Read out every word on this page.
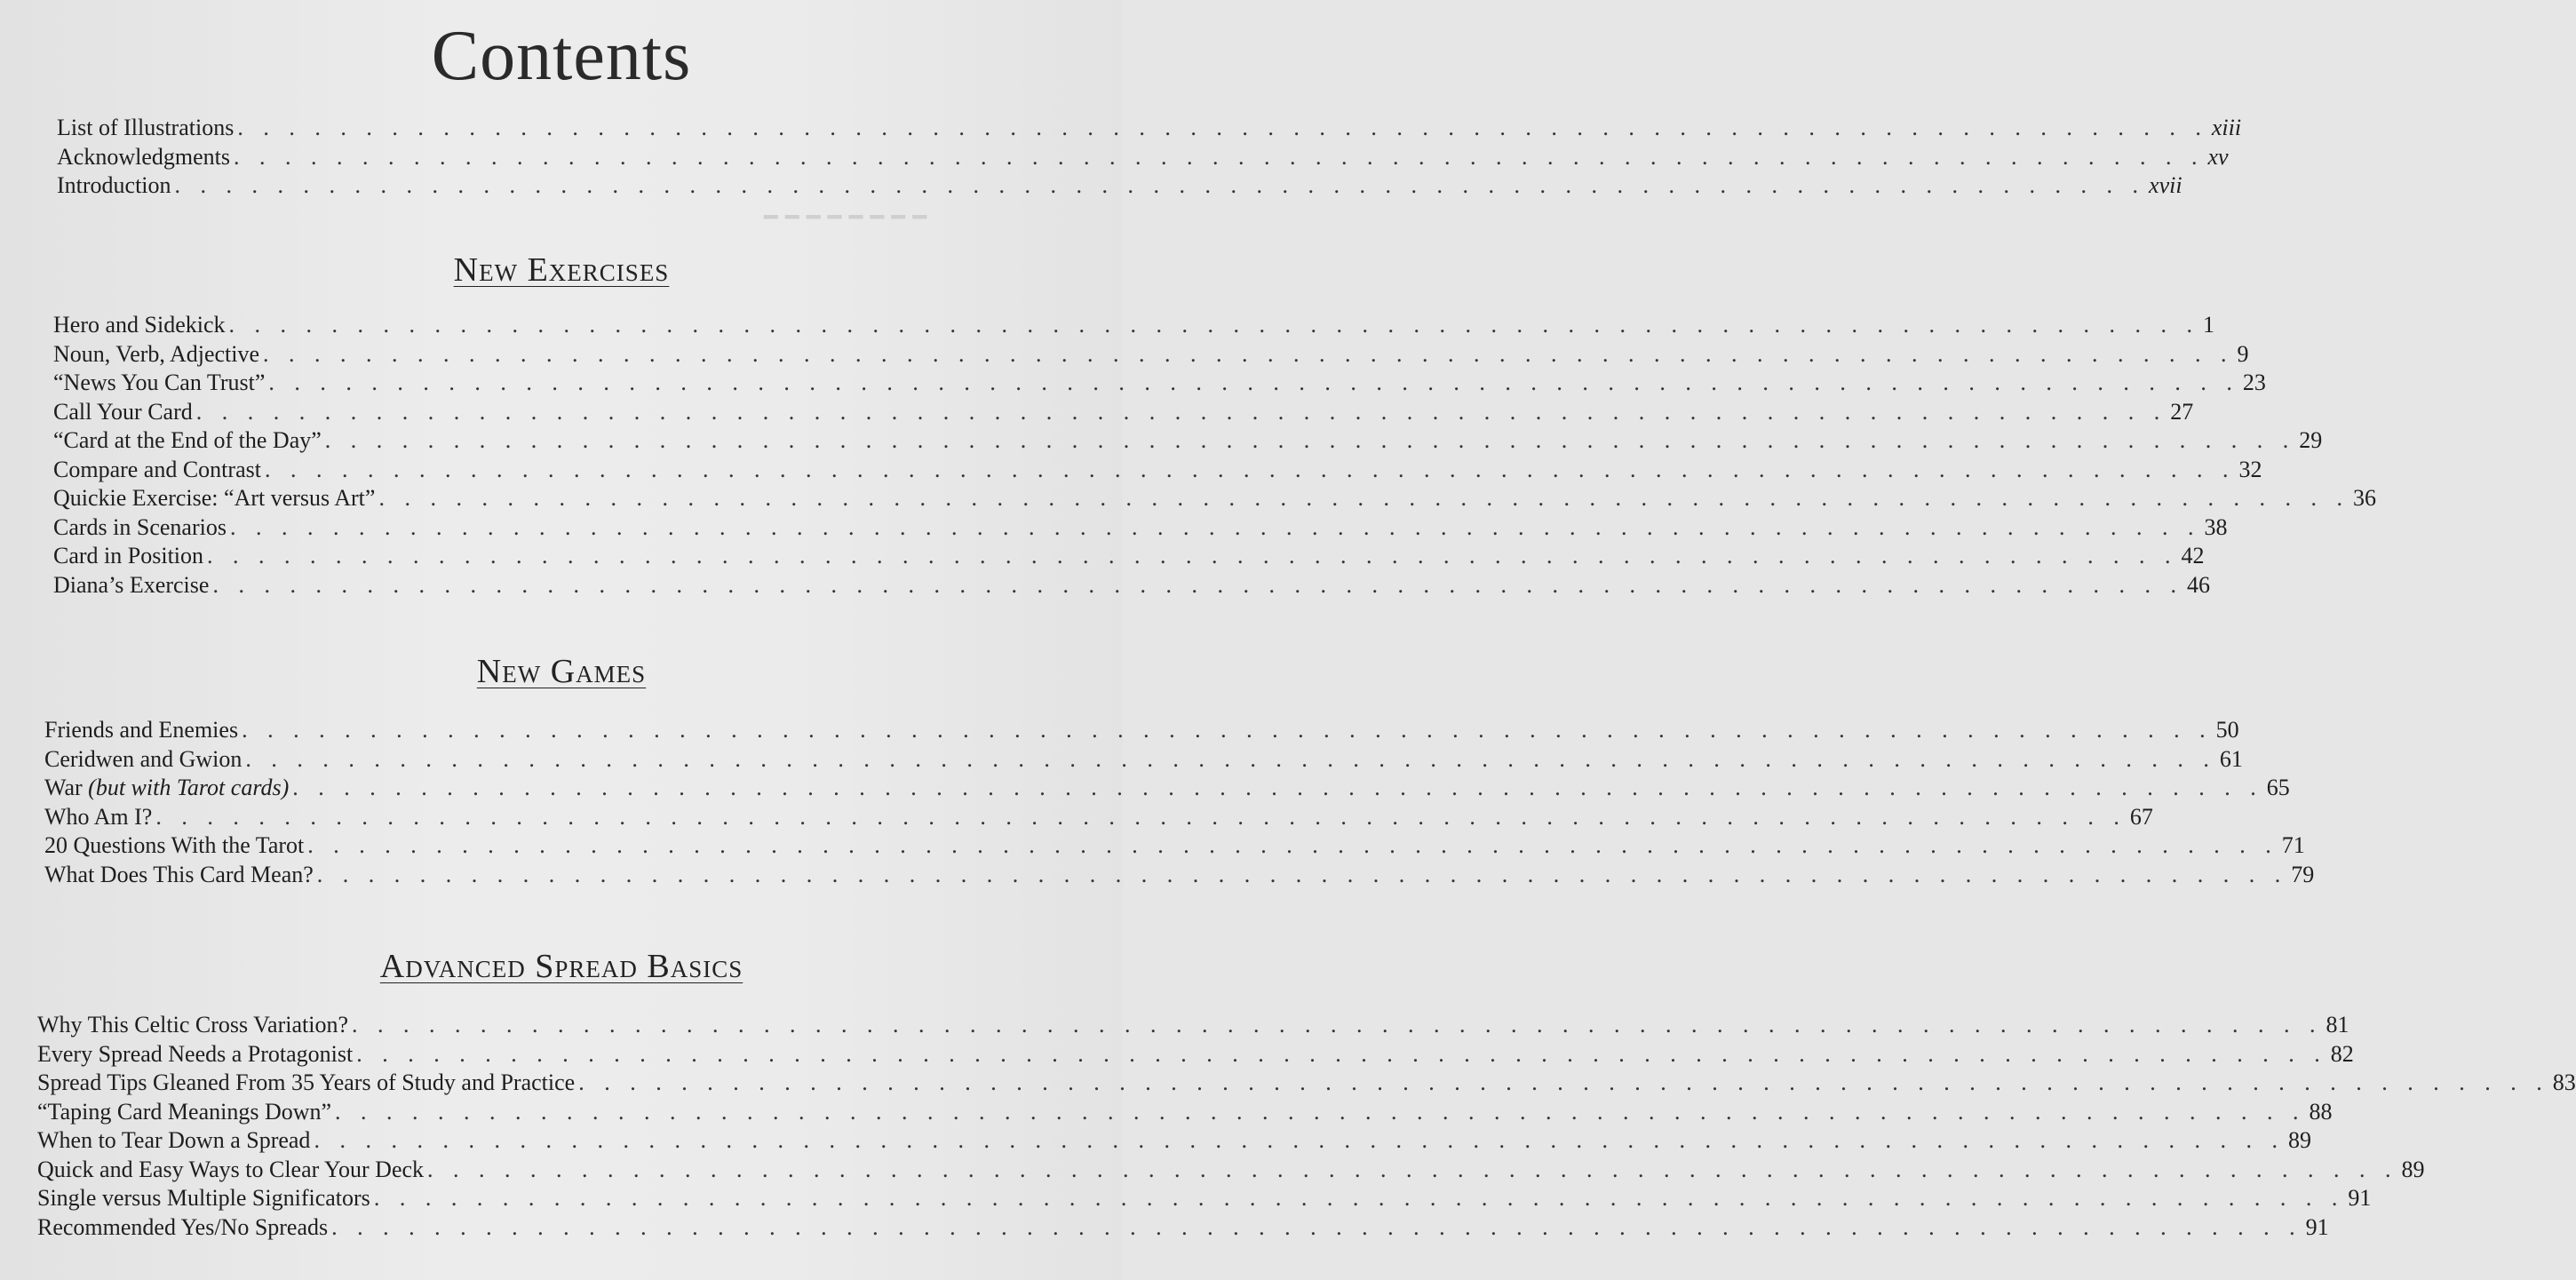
━ ━ ━ ━ ━ ━ ━ ━
Contents
List of Illustrations . . . . . . . . . . . . . . . . . . . . . . . . . . . . . . . . . . . . . . . . . . . . . . . . . . . . . . . . . . . . . . . . . . . . . . . . . . . . . xiii
Acknowledgments . . . . . . . . . . . . . . . . . . . . . . . . . . . . . . . . . . . . . . . . . . . . . . . . . . . . . . . . . . . . . . . . . . . . . . . . . . . . . xv
Introduction . . . . . . . . . . . . . . . . . . . . . . . . . . . . . . . . . . . . . . . . . . . . . . . . . . . . . . . . . . . . . . . . . . . . . . . . . . . . . xvii
New Exercises
Hero and Sidekick . . . . . . . . . . . . . . . . . . . . . . . . . . . . . . . . . . . . . . . . . . . . . . . . . . . . . . . . . . . . . . . . . . . . . . . . . . . . . 1
Noun, Verb, Adjective . . . . . . . . . . . . . . . . . . . . . . . . . . . . . . . . . . . . . . . . . . . . . . . . . . . . . . . . . . . . . . . . . . . . . . . . . . . . . 9
“News You Can Trust” . . . . . . . . . . . . . . . . . . . . . . . . . . . . . . . . . . . . . . . . . . . . . . . . . . . . . . . . . . . . . . . . . . . . . . . . . . . . . 23
Call Your Card . . . . . . . . . . . . . . . . . . . . . . . . . . . . . . . . . . . . . . . . . . . . . . . . . . . . . . . . . . . . . . . . . . . . . . . . . . . . . 27
“Card at the End of the Day” . . . . . . . . . . . . . . . . . . . . . . . . . . . . . . . . . . . . . . . . . . . . . . . . . . . . . . . . . . . . . . . . . . . . . . . . . . . . . 29
Compare and Contrast . . . . . . . . . . . . . . . . . . . . . . . . . . . . . . . . . . . . . . . . . . . . . . . . . . . . . . . . . . . . . . . . . . . . . . . . . . . . . 32
Quickie Exercise: “Art versus Art” . . . . . . . . . . . . . . . . . . . . . . . . . . . . . . . . . . . . . . . . . . . . . . . . . . . . . . . . . . . . . . . . . . . . . . . . . . . . . 36
Cards in Scenarios . . . . . . . . . . . . . . . . . . . . . . . . . . . . . . . . . . . . . . . . . . . . . . . . . . . . . . . . . . . . . . . . . . . . . . . . . . . . . 38
Card in Position . . . . . . . . . . . . . . . . . . . . . . . . . . . . . . . . . . . . . . . . . . . . . . . . . . . . . . . . . . . . . . . . . . . . . . . . . . . . . 42
Diana’s Exercise . . . . . . . . . . . . . . . . . . . . . . . . . . . . . . . . . . . . . . . . . . . . . . . . . . . . . . . . . . . . . . . . . . . . . . . . . . . . . 46
New Games
Friends and Enemies . . . . . . . . . . . . . . . . . . . . . . . . . . . . . . . . . . . . . . . . . . . . . . . . . . . . . . . . . . . . . . . . . . . . . . . . . . . . . 50
Ceridwen and Gwion . . . . . . . . . . . . . . . . . . . . . . . . . . . . . . . . . . . . . . . . . . . . . . . . . . . . . . . . . . . . . . . . . . . . . . . . . . . . . 61
War (but with Tarot cards) . . . . . . . . . . . . . . . . . . . . . . . . . . . . . . . . . . . . . . . . . . . . . . . . . . . . . . . . . . . . . . . . . . . . . . . . . . . . . 65
Who Am I? . . . . . . . . . . . . . . . . . . . . . . . . . . . . . . . . . . . . . . . . . . . . . . . . . . . . . . . . . . . . . . . . . . . . . . . . . . . . . 67
20 Questions With the Tarot . . . . . . . . . . . . . . . . . . . . . . . . . . . . . . . . . . . . . . . . . . . . . . . . . . . . . . . . . . . . . . . . . . . . . . . . . . . . . 71
What Does This Card Mean? . . . . . . . . . . . . . . . . . . . . . . . . . . . . . . . . . . . . . . . . . . . . . . . . . . . . . . . . . . . . . . . . . . . . . . . . . . . . . 79
Advanced Spread Basics
Why This Celtic Cross Variation? . . . . . . . . . . . . . . . . . . . . . . . . . . . . . . . . . . . . . . . . . . . . . . . . . . . . . . . . . . . . . . . . . . . . . . . . . . . . . 81
Every Spread Needs a Protagonist . . . . . . . . . . . . . . . . . . . . . . . . . . . . . . . . . . . . . . . . . . . . . . . . . . . . . . . . . . . . . . . . . . . . . . . . . . . . . 82
Spread Tips Gleaned From 35 Years of Study and Practice . . . . . . . . . . . . . . . . . . . . . . . . . . . . . . . . . . . . . . . . . . . . . . . . . . . . . . . . . . . . . . . . . . . . . . . . . . . . . 83
“Taping Card Meanings Down” . . . . . . . . . . . . . . . . . . . . . . . . . . . . . . . . . . . . . . . . . . . . . . . . . . . . . . . . . . . . . . . . . . . . . . . . . . . . . 88
When to Tear Down a Spread . . . . . . . . . . . . . . . . . . . . . . . . . . . . . . . . . . . . . . . . . . . . . . . . . . . . . . . . . . . . . . . . . . . . . . . . . . . . . 89
Quick and Easy Ways to Clear Your Deck . . . . . . . . . . . . . . . . . . . . . . . . . . . . . . . . . . . . . . . . . . . . . . . . . . . . . . . . . . . . . . . . . . . . . . . . . . . . . 89
Single versus Multiple Significators . . . . . . . . . . . . . . . . . . . . . . . . . . . . . . . . . . . . . . . . . . . . . . . . . . . . . . . . . . . . . . . . . . . . . . . . . . . . . 91
Recommended Yes/No Spreads . . . . . . . . . . . . . . . . . . . . . . . . . . . . . . . . . . . . . . . . . . . . . . . . . . . . . . . . . . . . . . . . . . . . . . . . . . . . . 91
